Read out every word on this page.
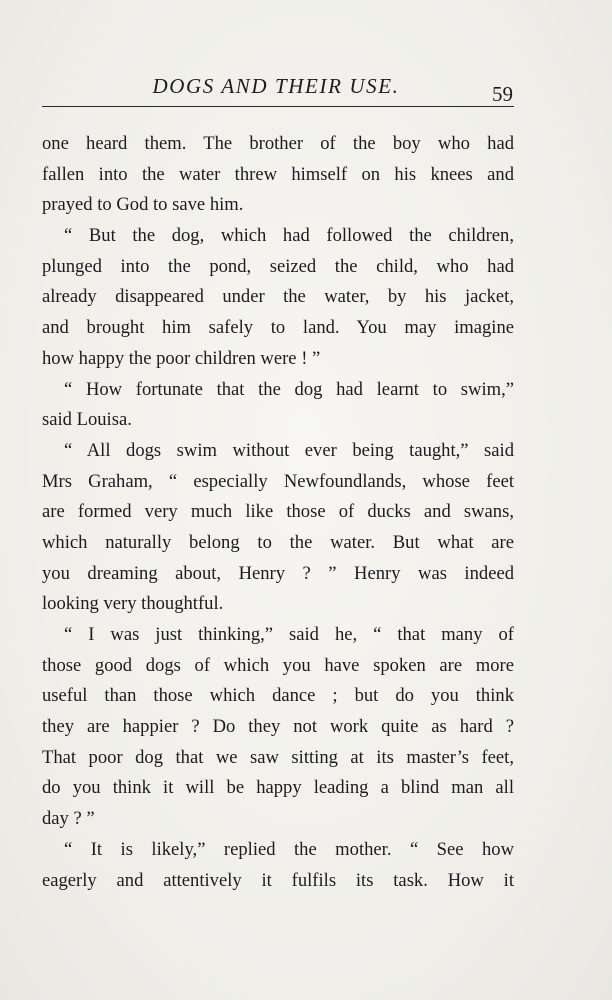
DOGS AND THEIR USE.	59
one heard them. The brother of the boy who had
fallen into the water threw himself on his knees and
prayed to God to save him.
“ But the dog, which had followed the children,
plunged into the pond, seized the child, who had
already disappeared under the water, by his jacket,
and brought him safely to land. You may imagine
how happy the poor children were ! ”
“ How fortunate that the dog had learnt to swim,”
said Louisa.
“ All dogs swim without ever being taught,” said
Mrs Graham, “ especially Newfoundlands, whose feet
are formed very much like those of ducks and swans,
which naturally belong to the water. But what are
you dreaming about, Henry ? ” Henry was indeed
looking very thoughtful.
“ I was just thinking,” said he, “ that many of
those good dogs of which you have spoken are more
useful than those which dance ; but do you think
they are happier ? Do they not work quite as hard ?
That poor dog that we saw sitting at its master’s feet,
do you think it will be happy leading a blind man all
day ? ”
“ It is likely,” replied the mother. “ See how
eagerly and attentively it fulfils its task. How it
